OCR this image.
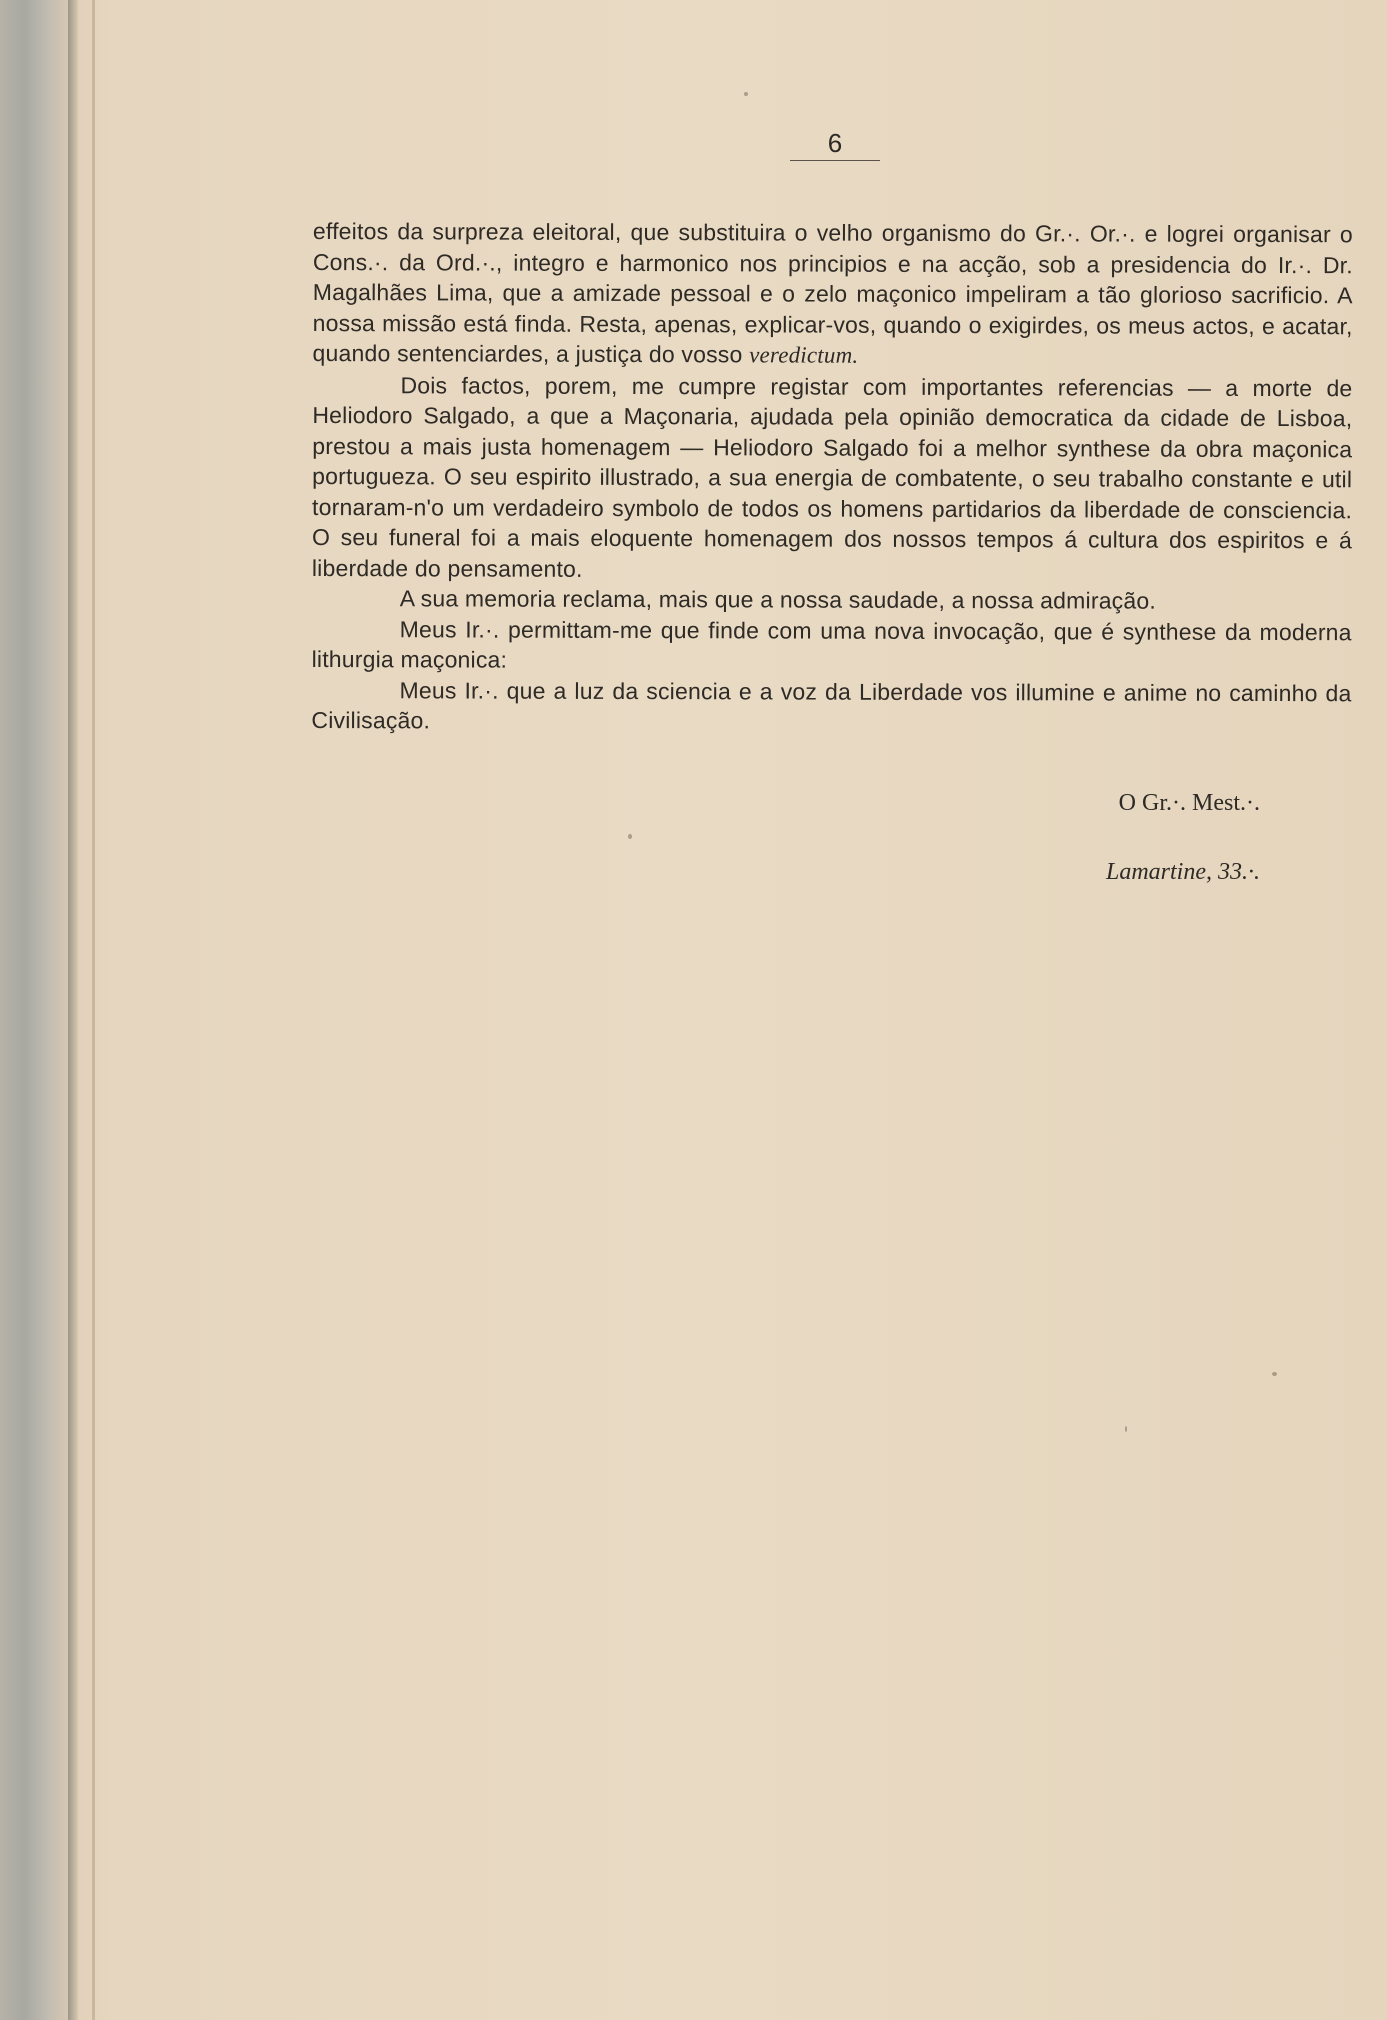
6

effeitos da surpreza eleitoral, que substituira o velho organismo do Gr.·. Or.·. e logrei organisar o Cons.·. da Ord.·., integro e harmonico nos principios e na acção, sob a presidencia do Ir.·. Dr. Magalhães Lima, que a amizade pessoal e o zelo maçonico impeliram a tão glorioso sacrificio. A nossa missão está finda. Resta, apenas, explicar-vos, quando o exigirdes, os meus actos, e acatar, quando sentenciardes, a justiça do vosso veredictum.

Dois factos, porem, me cumpre registar com importantes referencias — a morte de Heliodoro Salgado, a que a Maçonaria, ajudada pela opinião democratica da cidade de Lisboa, prestou a mais justa homenagem — Heliodoro Salgado foi a melhor synthese da obra maçonica portugueza. O seu espirito illustrado, a sua energia de combatente, o seu trabalho constante e util tornaram-n'o um verdadeiro symbolo de todos os homens partidarios da liberdade de consciencia. O seu funeral foi a mais eloquente homenagem dos nossos tempos á cultura dos espiritos e á liberdade do pensamento.

A sua memoria reclama, mais que a nossa saudade, a nossa admiração.

Meus Ir.·. permittam-me que finde com uma nova invocação, que é synthese da moderna lithurgia maçonica:

Meus Ir.·. que a luz da sciencia e a voz da Liberdade vos illumine e anime no caminho da Civilisação.

O Gr.·. Mest.·.
Lamartine, 33.·.
